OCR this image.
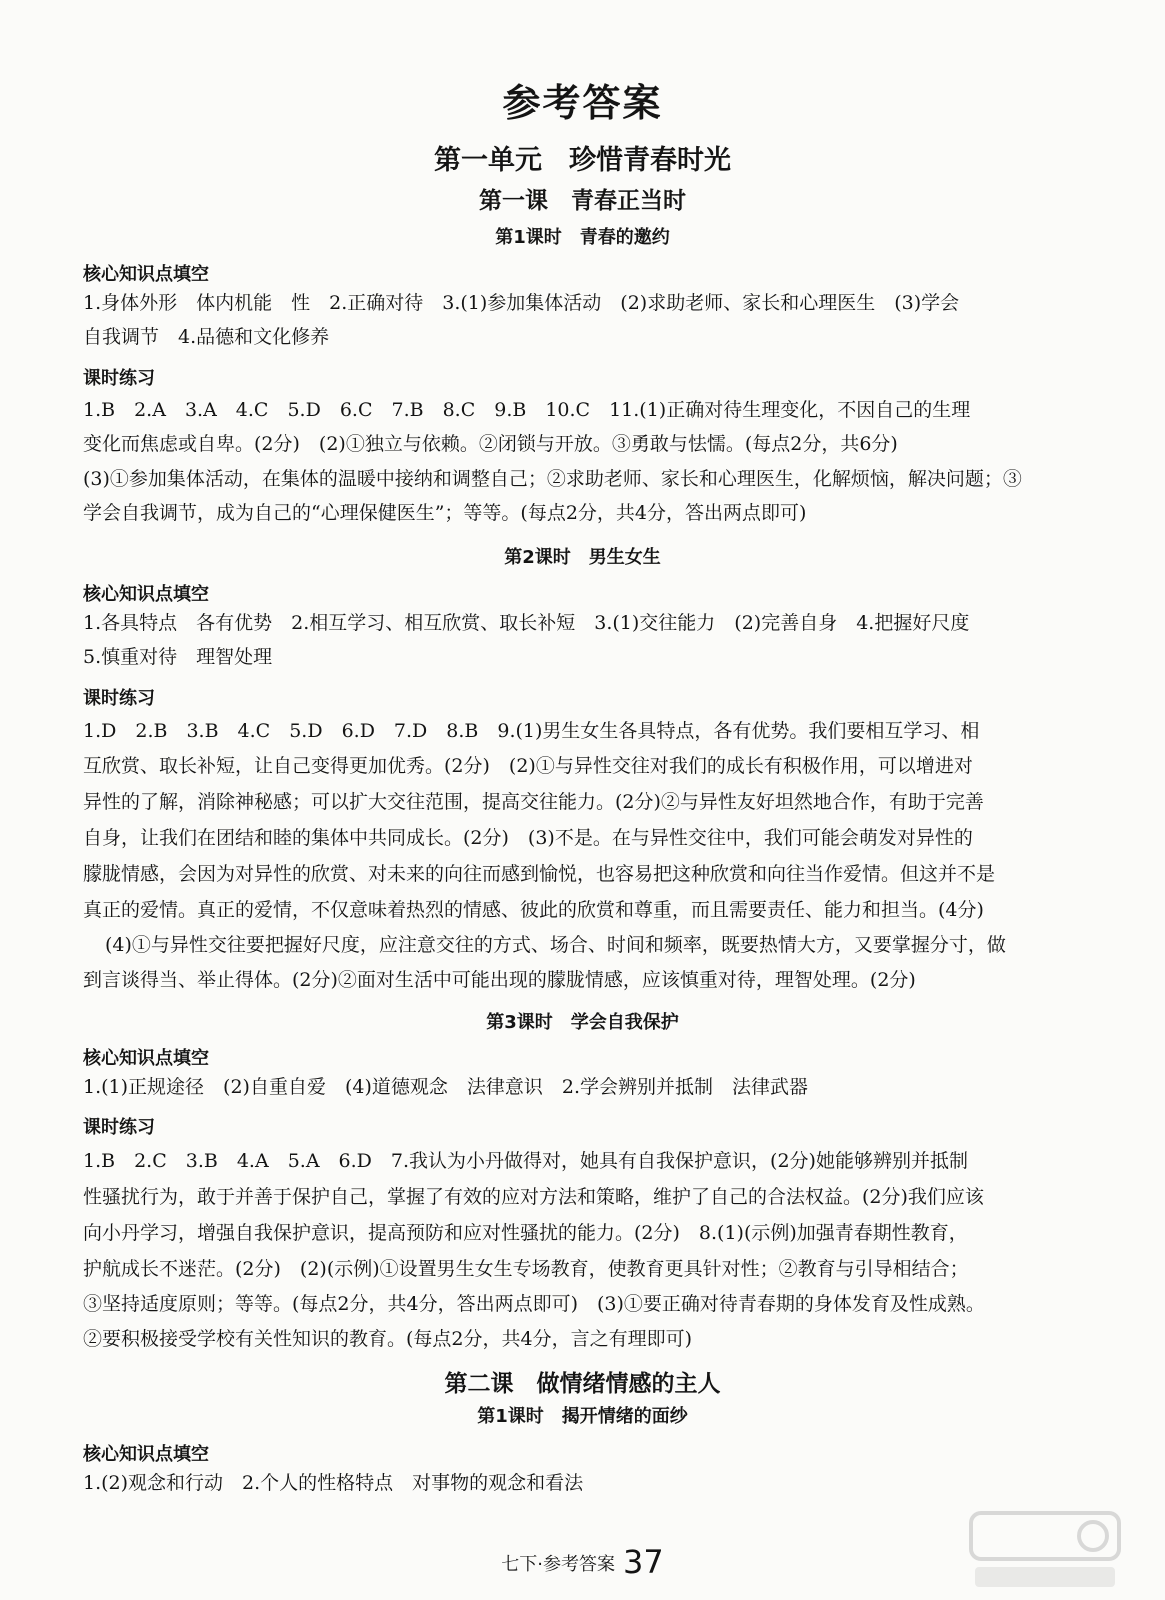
参考答案
第一单元　珍惜青春时光
第一课　青春正当时
第1课时　青春的邀约
核心知识点填空
1.身体外形　体内机能　性　2.正确对待　3.(1)参加集体活动　(2)求助老师、家长和心理医生　(3)学会
自我调节　4.品德和文化修养
课时练习
1.B　2.A　3.A　4.C　5.D　6.C　7.B　8.C　9.B　10.C　11.(1)正确对待生理变化，不因自己的生理
变化而焦虑或自卑。(2分)　(2)①独立与依赖。②闭锁与开放。③勇敢与怯懦。(每点2分，共6分)
(3)①参加集体活动，在集体的温暖中接纳和调整自己；②求助老师、家长和心理医生，化解烦恼，解决问题；③
学会自我调节，成为自己的“心理保健医生”；等等。(每点2分，共4分，答出两点即可)
第2课时　男生女生
核心知识点填空
1.各具特点　各有优势　2.相互学习、相互欣赏、取长补短　3.(1)交往能力　(2)完善自身　4.把握好尺度
5.慎重对待　理智处理
课时练习
1.D　2.B　3.B　4.C　5.D　6.D　7.D　8.B　9.(1)男生女生各具特点，各有优势。我们要相互学习、相
互欣赏、取长补短，让自己变得更加优秀。(2分)　(2)①与异性交往对我们的成长有积极作用，可以增进对
异性的了解，消除神秘感；可以扩大交往范围，提高交往能力。(2分)②与异性友好坦然地合作，有助于完善
自身，让我们在团结和睦的集体中共同成长。(2分)　(3)不是。在与异性交往中，我们可能会萌发对异性的
朦胧情感，会因为对异性的欣赏、对未来的向往而感到愉悦，也容易把这种欣赏和向往当作爱情。但这并不是
真正的爱情。真正的爱情，不仅意味着热烈的情感、彼此的欣赏和尊重，而且需要责任、能力和担当。(4分)
(4)①与异性交往要把握好尺度，应注意交往的方式、场合、时间和频率，既要热情大方，又要掌握分寸，做
到言谈得当、举止得体。(2分)②面对生活中可能出现的朦胧情感，应该慎重对待，理智处理。(2分)
第3课时　学会自我保护
核心知识点填空
1.(1)正规途径　(2)自重自爱　(4)道德观念　法律意识　2.学会辨别并抵制　法律武器
课时练习
1.B　2.C　3.B　4.A　5.A　6.D　7.我认为小丹做得对，她具有自我保护意识，(2分)她能够辨别并抵制
性骚扰行为，敢于并善于保护自己，掌握了有效的应对方法和策略，维护了自己的合法权益。(2分)我们应该
向小丹学习，增强自我保护意识，提高预防和应对性骚扰的能力。(2分)　8.(1)(示例)加强青春期性教育，
护航成长不迷茫。(2分)　(2)(示例)①设置男生女生专场教育，使教育更具针对性；②教育与引导相结合；
③坚持适度原则；等等。(每点2分，共4分，答出两点即可)　(3)①要正确对待青春期的身体发育及性成熟。
②要积极接受学校有关性知识的教育。(每点2分，共4分，言之有理即可)
第二课　做情绪情感的主人
第1课时　揭开情绪的面纱
核心知识点填空
1.(2)观念和行动　2.个人的性格特点　对事物的观念和看法
七下·参考答案 37
